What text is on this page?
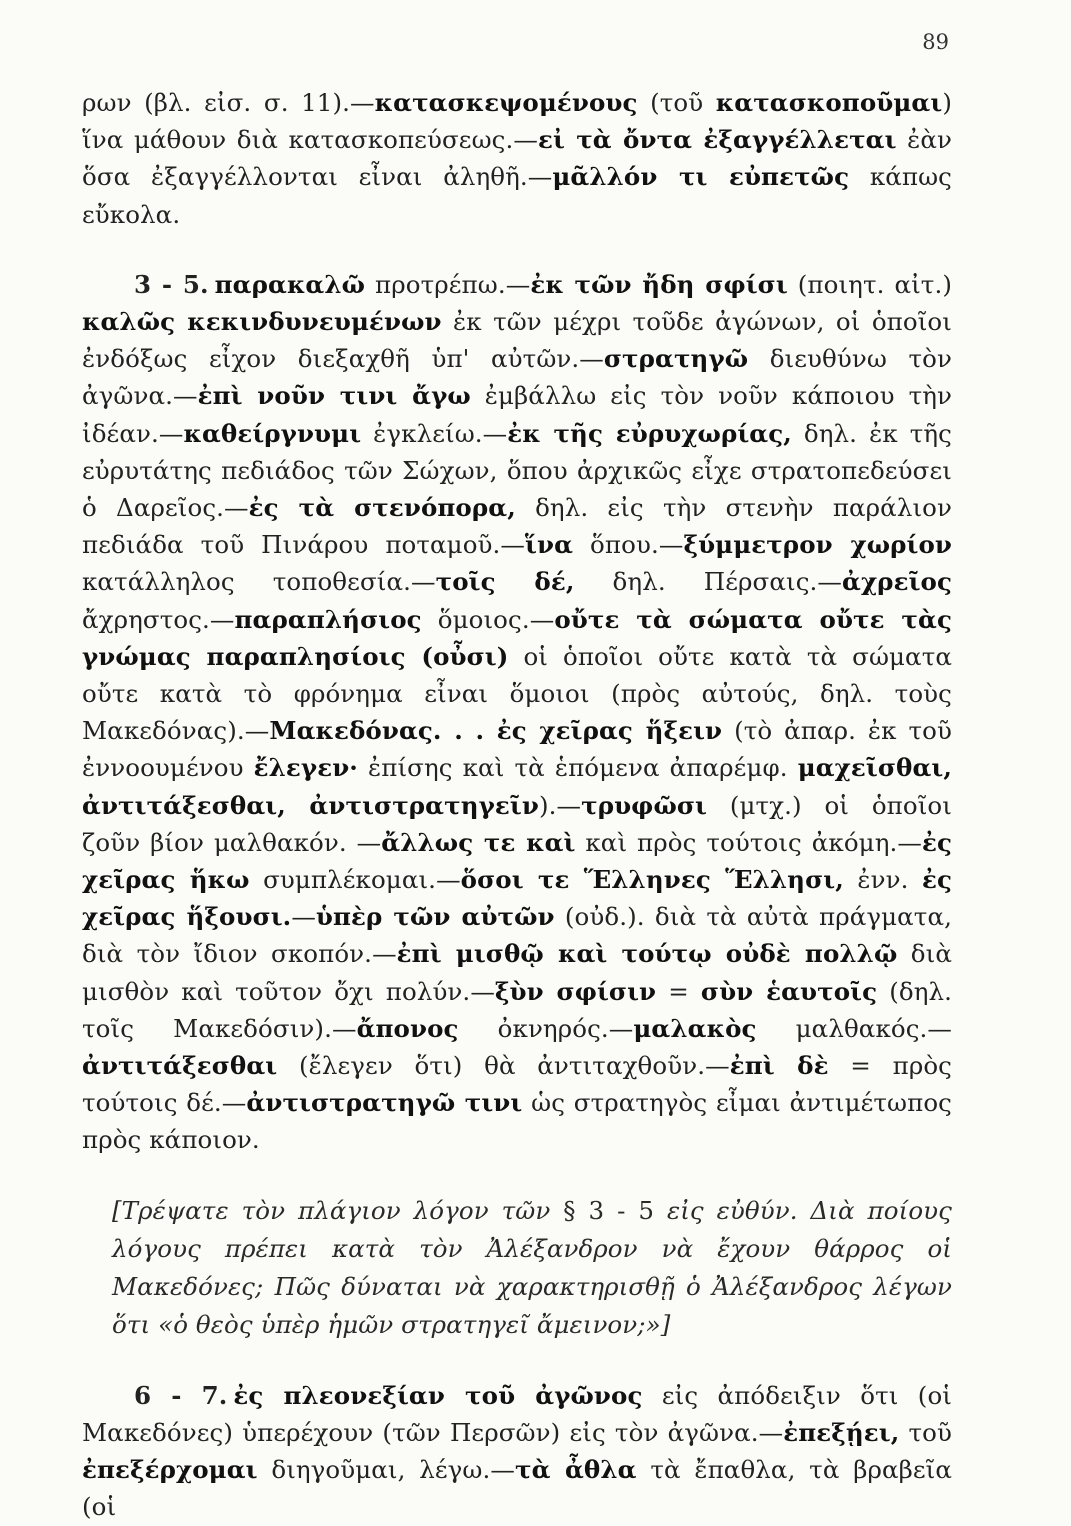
89

ρων (βλ. εἰσ. σ. 11).—κατασκεψομένους (τοῦ κατασκοποῦμαι) ἵνα μάθουν διὰ κατασκοπεύσεως.—εἰ τὰ ὄντα ἐξαγγέλλεται ἐὰν ὅσα ἐξαγγέλλονται εἶναι ἀληθῆ.—μᾶλλόν τι εὐπετῶς κάπως εὔκολα.

3 - 5. παρακαλῶ προτρέπω.—ἐκ τῶν ἤδη σφίσι (ποιητ. αἰτ.) καλῶς κεκινδυνευμένων ἐκ τῶν μέχρι τοῦδε ἀγώνων, οἱ ὁποῖοι ἐνδόξως εἶχον διεξαχθῆ ὑπ' αὐτῶν.—στρατηγῶ διευθύνω τὸν ἀγῶνα.—ἐπὶ νοῦν τινι ἄγω ἐμβάλλω εἰς τὸν νοῦν κάποιου τὴν ἰδέαν.—καθείργνυμι ἐγκλείω.—ἐκ τῆς εὐρυχωρίας, δηλ. ἐκ τῆς εὐρυτάτης πεδιάδος τῶν Σώχων, ὅπου ἀρχικῶς εἶχε στρατοπεδεύσει ὁ Δαρεῖος.—ἐς τὰ στενόπορα, δηλ. εἰς τὴν στενὴν παράλιον πεδιάδα τοῦ Πινάρου ποταμοῦ.—ἵνα ὅπου.—ξύμμετρον χωρίον κατάλληλος τοποθεσία.—τοῖς δέ, δηλ. Πέρσαις.—ἀχρεῖος ἄχρηστος.—παραπλήσιος ὅμοιος.—οὔτε τὰ σώματα οὔτε τὰς γνώμας παραπλησίοις (οὖσι) οἱ ὁποῖοι οὔτε κατὰ τὰ σώματα οὔτε κατὰ τὸ φρόνημα εἶναι ὅμοιοι (πρὸς αὐτούς, δηλ. τοὺς Μακεδόνας).—Μακεδόνας. . . ἐς χεῖρας ἥξειν (τὸ ἀπαρ. ἐκ τοῦ ἐννοουμένου ἔλεγεν· ἐπίσης καὶ τὰ ἑπόμενα ἀπαρέμφ. μαχεῖσθαι, ἀντιτάξεσθαι, ἀντιστρατηγεῖν).—τρυφῶσι (μτχ.) οἱ ὁποῖοι ζοῦν βίον μαλθακόν. —ἄλλως τε καὶ καὶ πρὸς τούτοις ἀκόμη.—ἐς χεῖρας ἥκω συμπλέκομαι.—ὅσοι τε Ἕλληνες Ἕλλησι, ἐνν. ἐς χεῖρας ἥξουσι.—ὑπὲρ τῶν αὐτῶν (οὐδ.). διὰ τὰ αὐτὰ πράγματα, διὰ τὸν ἴδιον σκοπόν.—ἐπὶ μισθῷ καὶ τούτῳ οὐδὲ πολλῷ διὰ μισθὸν καὶ τοῦτον ὄχι πολύν.—ξὺν σφίσιν = σὺν ἑαυτοῖς (δηλ. τοῖς Μακεδόσιν).—ἄπονος ὀκνηρός.—μαλακὸς μαλθακός.—ἀντιτάξεσθαι (ἔλεγεν ὅτι) θὰ ἀντιταχθοῦν.—ἐπὶ δὲ = πρὸς τούτοις δέ.—ἀντιστρατηγῶ τινι ὡς στρατηγὸς εἶμαι ἀντιμέτωπος πρὸς κάποιον.

[Τρέψατε τὸν πλάγιον λόγον τῶν § 3 - 5 εἰς εὐθύν. Διὰ ποίους λόγους πρέπει κατὰ τὸν Ἀλέξανδρον νὰ ἔχουν θάρρος οἱ Μακεδόνες; Πῶς δύναται νὰ χαρακτηρισθῇ ὁ Ἀλέξανδρος λέγων ὅτι «ὁ θεὸς ὑπὲρ ἡμῶν στρατηγεῖ ἄμεινον;»]

6 - 7. ἐς πλεονεξίαν τοῦ ἀγῶνος εἰς ἀπόδειξιν ὅτι (οἱ Μακεδόνες) ὑπερέχουν (τῶν Περσῶν) εἰς τὸν ἀγῶνα.—ἐπεξῄει, τοῦ ἐπεξέρχομαι διηγοῦμαι, λέγω.—τὰ ἆθλα τὰ ἔπαθλα, τὰ βραβεῖα (οἱ
